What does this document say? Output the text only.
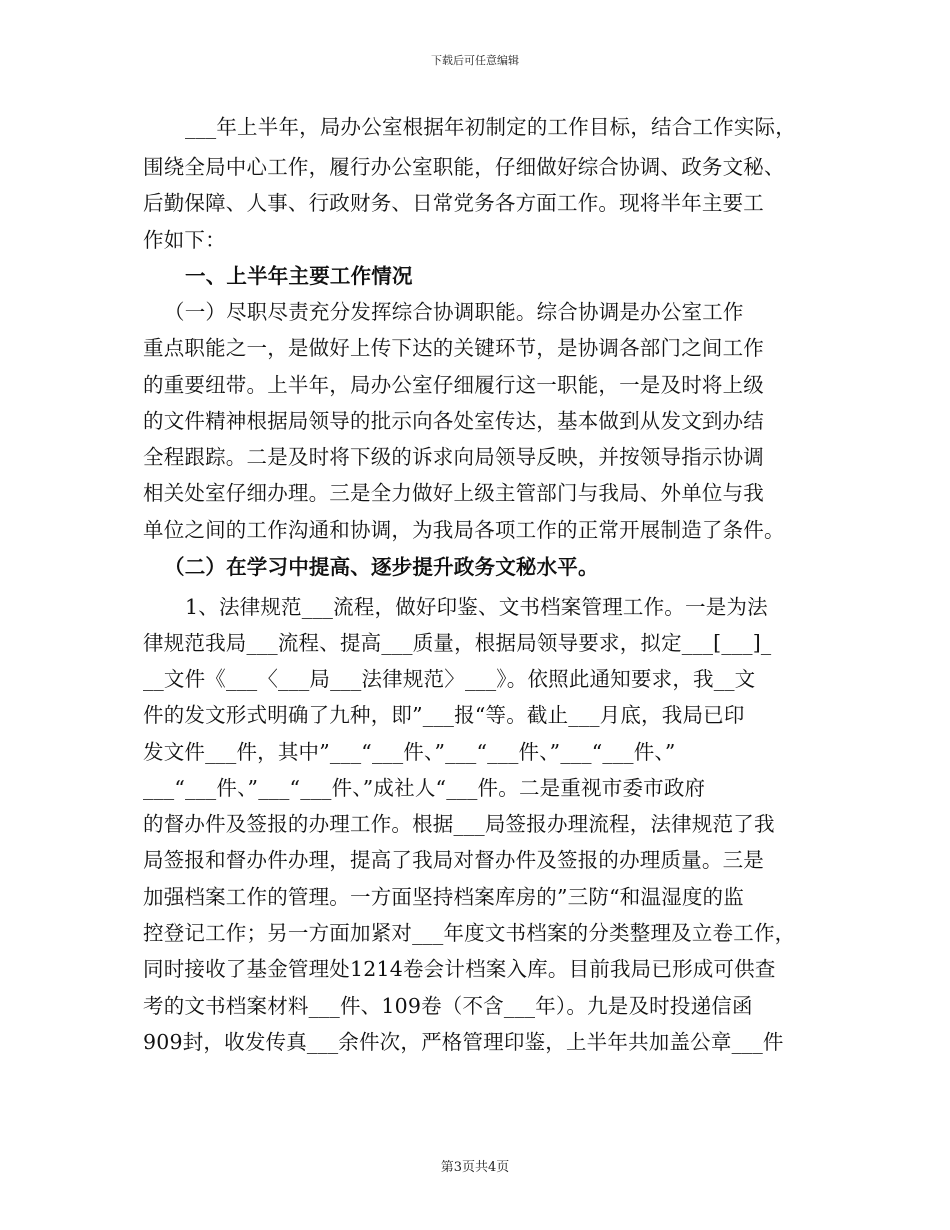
下载后可任意编辑
___年上半年，局办公室根据年初制定的工作目标，结合工作实际，
围绕全局中心工作，履行办公室职能，仔细做好综合协调、政务文秘、
后勤保障、人事、行政财务、日常党务各方面工作。现将半年主要工
作如下：
一、上半年主要工作情况
（一）尽职尽责充分发挥综合协调职能。综合协调是办公室工作
重点职能之一，是做好上传下达的关键环节，是协调各部门之间工作
的重要纽带。上半年，局办公室仔细履行这一职能，一是及时将上级
的文件精神根据局领导的批示向各处室传达，基本做到从发文到办结
全程跟踪。二是及时将下级的诉求向局领导反映，并按领导指示协调
相关处室仔细办理。三是全力做好上级主管部门与我局、外单位与我
单位之间的工作沟通和协调，为我局各项工作的正常开展制造了条件。
（二）在学习中提高、逐步提升政务文秘水平。
1、法律规范___流程，做好印鉴、文书档案管理工作。一是为法
律规范我局___流程、提高___质量，根据局领导要求，拟定___[___]_
__文件《___〈___局___法律规范〉___》。依照此通知要求，我__文
件的发文形式明确了九种，即”___报“等。截止___月底，我局已印
发文件___件，其中”___“___件、”___“___件、”___“___件、”
___“___件、”___“___件、”成社人“___件。二是重视市委市政府
的督办件及签报的办理工作。根据___局签报办理流程，法律规范了我
局签报和督办件办理，提高了我局对督办件及签报的办理质量。三是
加强档案工作的管理。一方面坚持档案库房的”三防“和温湿度的监
控登记工作；另一方面加紧对___年度文书档案的分类整理及立卷工作，
同时接收了基金管理处1214卷会计档案入库。目前我局已形成可供查
考的文书档案材料___件、109卷（不含___年）。九是及时投递信函
909封，收发传真___余件次，严格管理印鉴，上半年共加盖公章___件
第3页共4页
